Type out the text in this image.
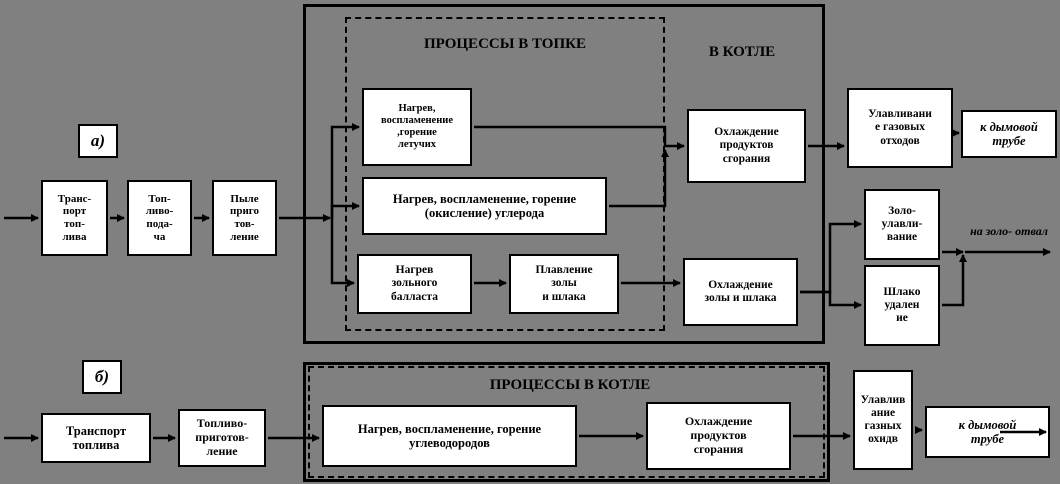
ПРОЦЕССЫ В ТОПКЕ	В КОТЛЕ
а)
Транс-
порт
топ-
лива
Топ-
ливо-
пода-
ча
Пыле
приго
тов-
ление
Нагрев,
воспламенение
,горение
летучих
Нагрев, воспламенение, горение
(окисление) углерода
Нагрев
зольного
балласта
Плавление
золы
и шлака
Охлаждение
продуктов
сгорания
Охлаждение
золы и шлака
Улавливани
е газовых
отходов
Золо-
улавли-
вание
Шлако
удален
ие
к дымовой
трубе
на золо- отвал
б)	ПРОЦЕССЫ В КОТЛЕ
Транспорт
топлива
Топливо-
приготов-
ление
Нагрев, воспламенение, горение
углеводородов
Охлаждение
продуктов
сгорания
Улавлив
ание
газных
охидв
к дымовой
трубе
